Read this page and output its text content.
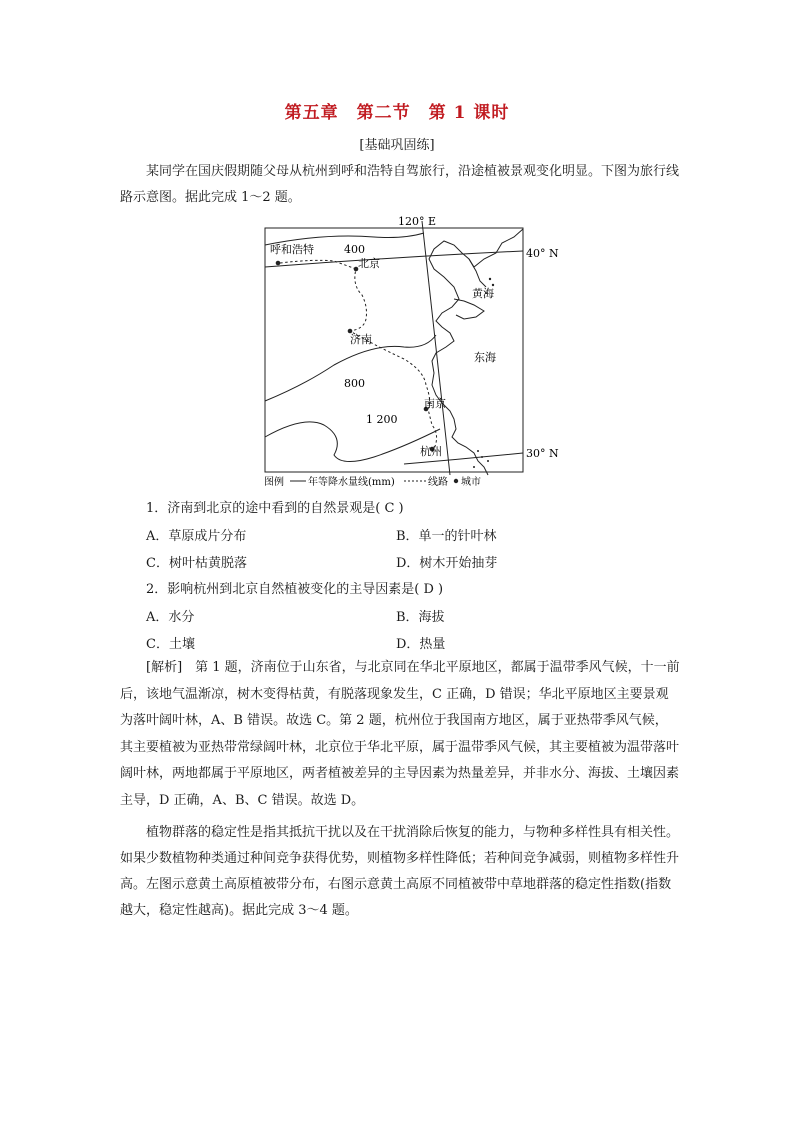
第五章　第二节　第 1 课时
[基础巩固练]

某同学在国庆假期随父母从杭州到呼和浩特自驾旅行，沿途植被景观变化明显。下图为旅行线路示意图。据此完成 1～2 题。

120° E
40° N
30° N
400
800
1 200
呼和浩特
北京
济南
南京
杭州
黄海
东海
图例 年等降水量线(mm)	线路 城市
1．济南到北京的途中看到的自然景观是( C )
A．草原成片分布	B．单一的针叶林
C．树叶枯黄脱落	D．树木开始抽芽
2．影响杭州到北京自然植被变化的主导因素是( D )
A．水分	B．海拔
C．土壤	D．热量

[解析]　第 1 题，济南位于山东省，与北京同在华北平原地区，都属于温带季风气候，十一前后，该地气温渐凉，树木变得枯黄，有脱落现象发生，C 正确，D 错误；华北平原地区主要景观为落叶阔叶林，A、B 错误。故选 C。第 2 题，杭州位于我国南方地区，属于亚热带季风气候，其主要植被为亚热带常绿阔叶林，北京位于华北平原，属于温带季风气候，其主要植被为温带落叶阔叶林，两地都属于平原地区，两者植被差异的主导因素为热量差异，并非水分、海拔、土壤因素主导，D 正确，A、B、C 错误。故选 D。

植物群落的稳定性是指其抵抗干扰以及在干扰消除后恢复的能力，与物种多样性具有相关性。如果少数植物种类通过种间竞争获得优势，则植物多样性降低；若种间竞争减弱，则植物多样性升高。左图示意黄土高原植被带分布，右图示意黄土高原不同植被带中草地群落的稳定性指数(指数越大，稳定性越高)。据此完成 3～4 题。
